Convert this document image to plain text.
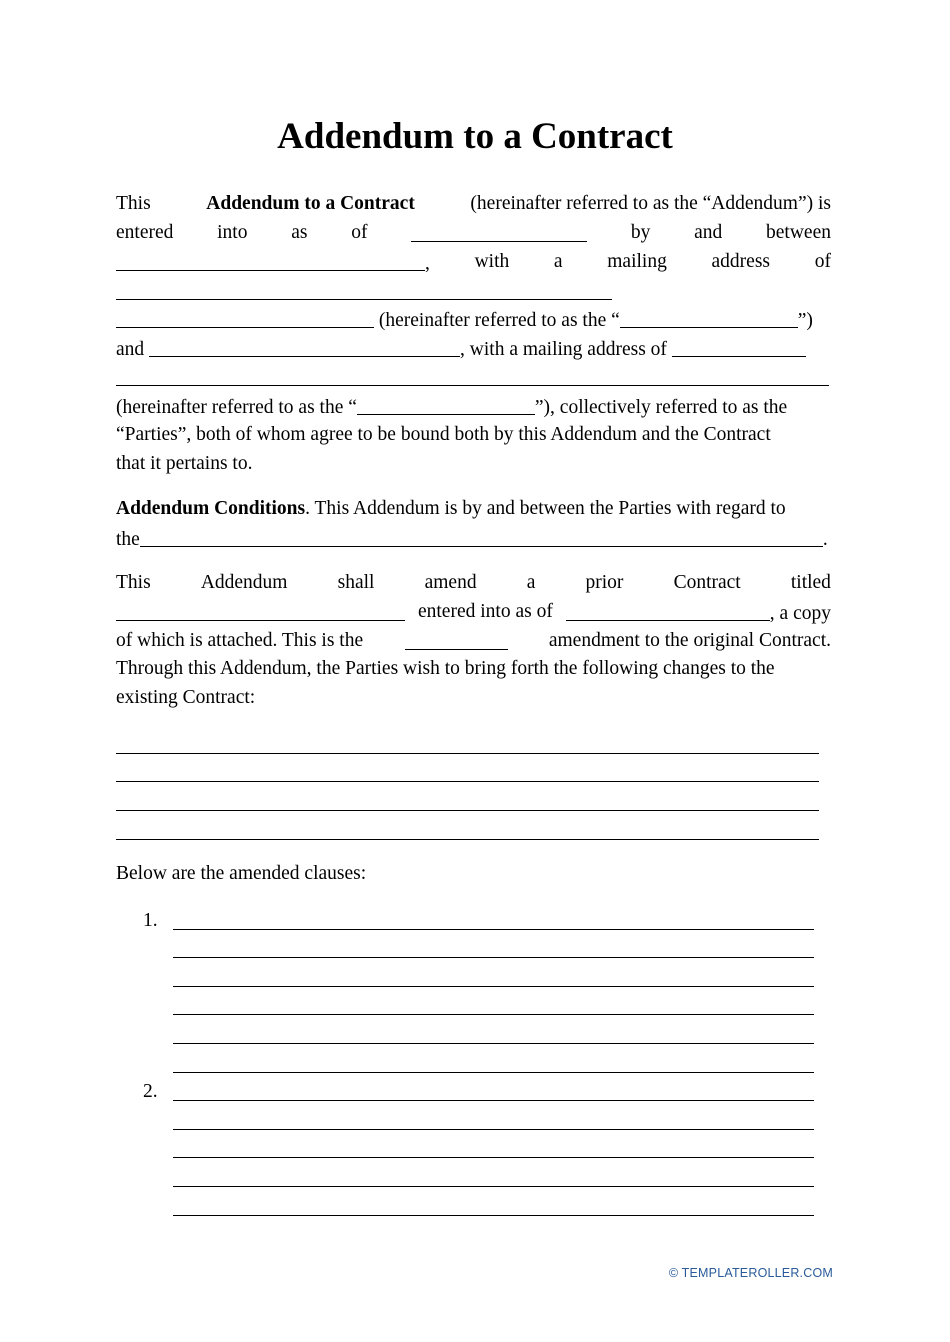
Addendum to a Contract
This	Addendum to a Contract	(hereinafter referred to as the “Addendum”) is
entered into as of	by and between
, with a mailing address of
(hereinafter referred to as the “	”)
and	, with a mailing address of
(hereinafter referred to as the “	”), collectively referred to as the
“Parties”, both of whom agree to be bound both by this Addendum and the Contract
that it pertains to.
Addendum Conditions. This Addendum is by and between the Parties with regard to
the	.
This	Addendum	shall	amend	a	prior	Contract	titled
entered into as of	, a copy
of which is attached. This is the	amendment to the original Contract.
Through this Addendum, the Parties wish to bring forth the following changes to the
existing Contract:
Below are the amended clauses:
1.
2.
© TEMPLATEROLLER.COM
